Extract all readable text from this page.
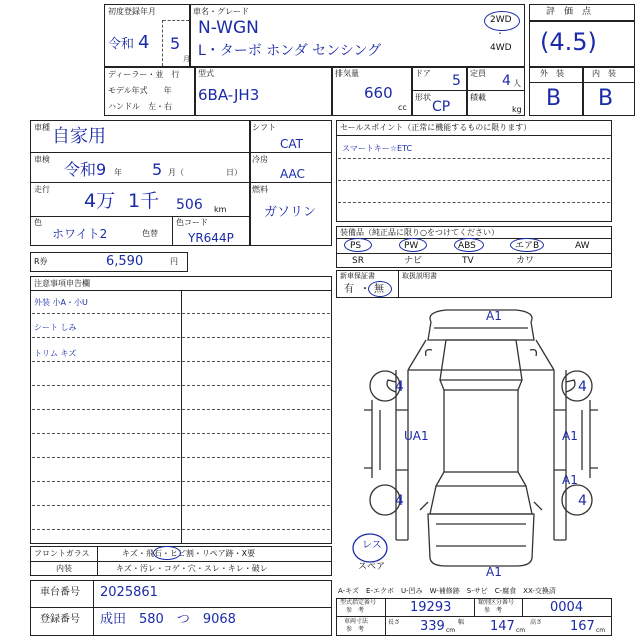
初度登録年月
令和 4 5
月
車名・グレード
N-WGN
L・ターボ ホンダ センシング
2WD
・
4WD
ディーラー・並　行
モデル年式　　年
ハンドル　左・右
型式
6BA-JH3
排気量
660
cc
ドア 5 定員 4 人
形状
CP
積載
kg
評　価　点
(4.5)
外　装	内　装
B B
車種 自家用
車検
令和9 年 5 月（	日）
走行
4万 1千 506 km
色
ホワイト2	色替
色コード
YR644P
シフト
CAT
冷房
AAC
燃料
ガソリン
R券	6,590	円
注意事項申告欄
外装 小A・小U
シート しみ
トリム キズ
フロントガラス	キズ・飛石・ヒビ割・リペア跡・X要
内装	キズ・汚レ・コゲ・穴・スレ・キレ・破レ
セールスポイント（正常に機能するものに限ります）
スマートキー☆ETC
装備品（純正品に限り○をつけてください）
PS	PW	ABS	エアB	AW
SR	ナビ	TV	カワ
新車保証書	取扱説明書
有 ・ 無
A1
A1
4	4
4	4
UA1	A1
A1
レス
スペア
A-キズ　E-エクボ　U-凹み　W-補修跡　S-サビ　C-腐食　XX-交換済
車台番号 2025861
登録番号 成田　580　つ　9068
型式指定番号
参　考	19293	類別区分番号
参　考	0004
車両寸法
参　考
長さ 339 cm
幅 147 cm
高さ 167 cm
